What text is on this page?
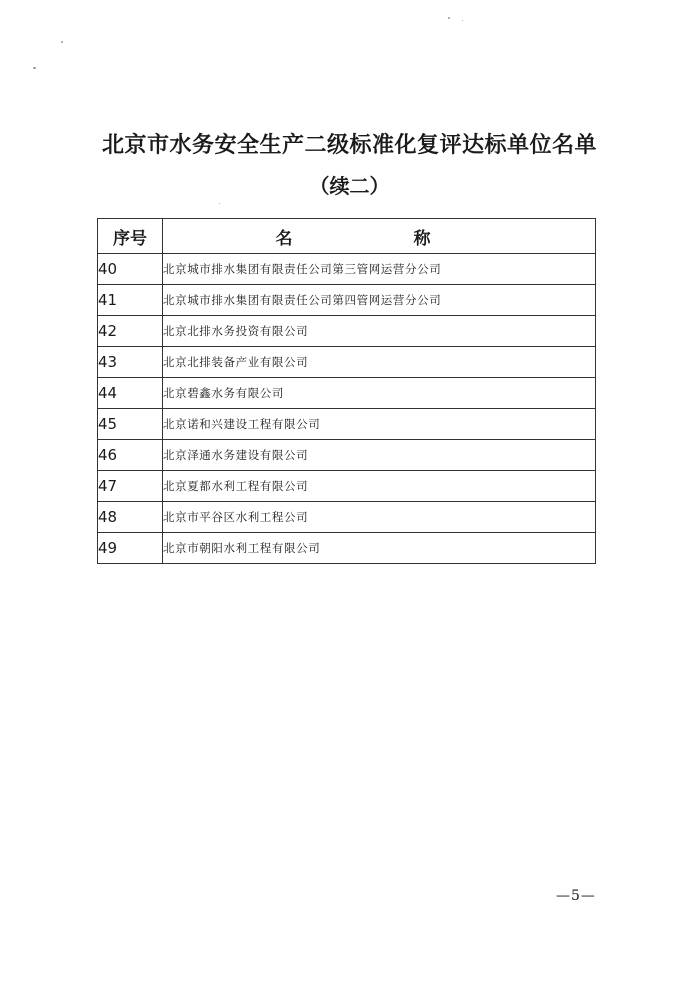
北京市水务安全生产二级标准化复评达标单位名单
（续二）
序号	名　称
40	北京城市排水集团有限责任公司第三管网运营分公司
41	北京城市排水集团有限责任公司第四管网运营分公司
42	北京北排水务投资有限公司
43	北京北排装备产业有限公司
44	北京碧鑫水务有限公司
45	北京诺和兴建设工程有限公司
46	北京泽通水务建设有限公司
47	北京夏都水利工程有限公司
48	北京市平谷区水利工程公司
49	北京市朝阳水利工程有限公司
—5—
